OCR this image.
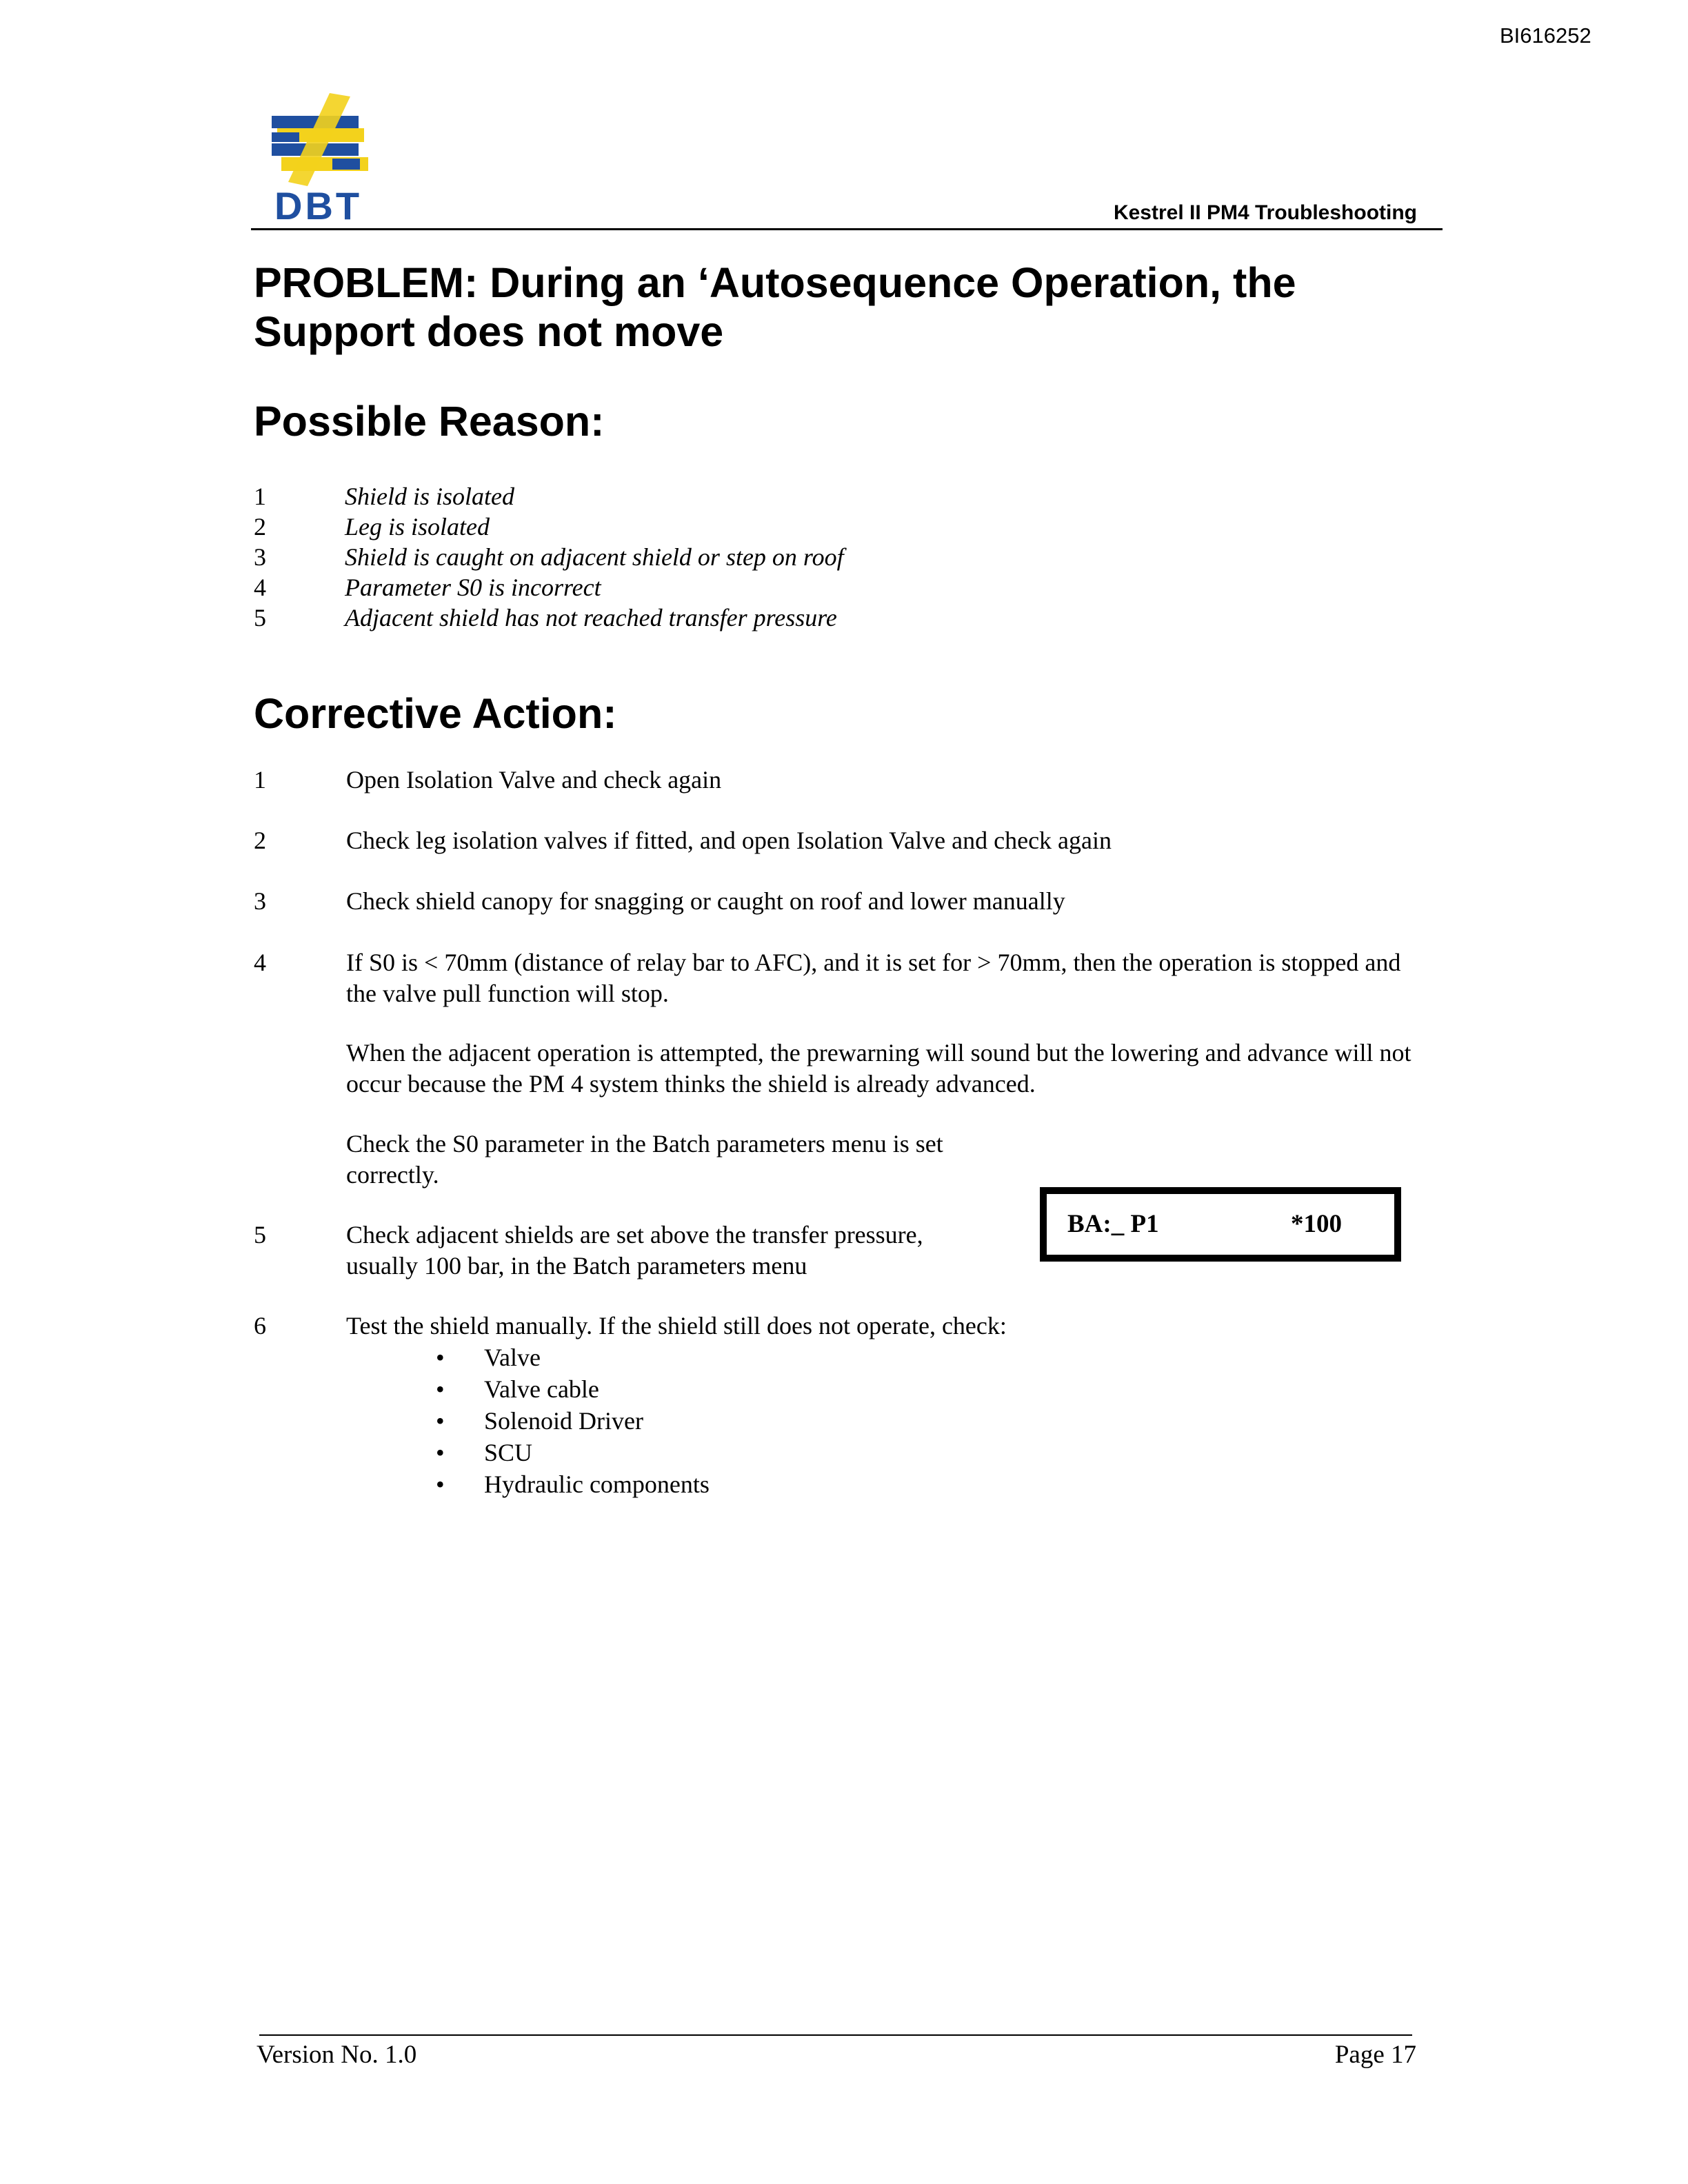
BI616252
DBT	Kestrel II PM4 Troubleshooting
PROBLEM: During an ‘Autosequence Operation, the Support does not move
Possible Reason:
1	Shield is isolated
2	Leg is isolated
3	Shield is caught on adjacent shield or step on roof
4	Parameter S0 is incorrect
5	Adjacent shield has not reached transfer pressure
Corrective Action:
1	Open Isolation Valve and check again
2	Check leg isolation valves if fitted, and open Isolation Valve and check again
3	Check shield canopy for snagging or caught on roof and lower manually
4	If S0 is < 70mm (distance of relay bar to AFC), and it is set for > 70mm, then the operation is stopped and the valve pull function will stop.
When the adjacent operation is attempted, the prewarning will sound but the lowering and advance will not occur because the PM 4 system thinks the shield is already advanced.
Check the S0 parameter in the Batch parameters menu is set correctly.
5	Check adjacent shields are set above the transfer pressure, usually 100 bar, in the Batch parameters menu
6	Test the shield manually. If the shield still does not operate, check:
• Valve
• Valve cable
• Solenoid Driver
• SCU
• Hydraulic components
BA:_ P1	*100
Version No. 1.0	Page 17
